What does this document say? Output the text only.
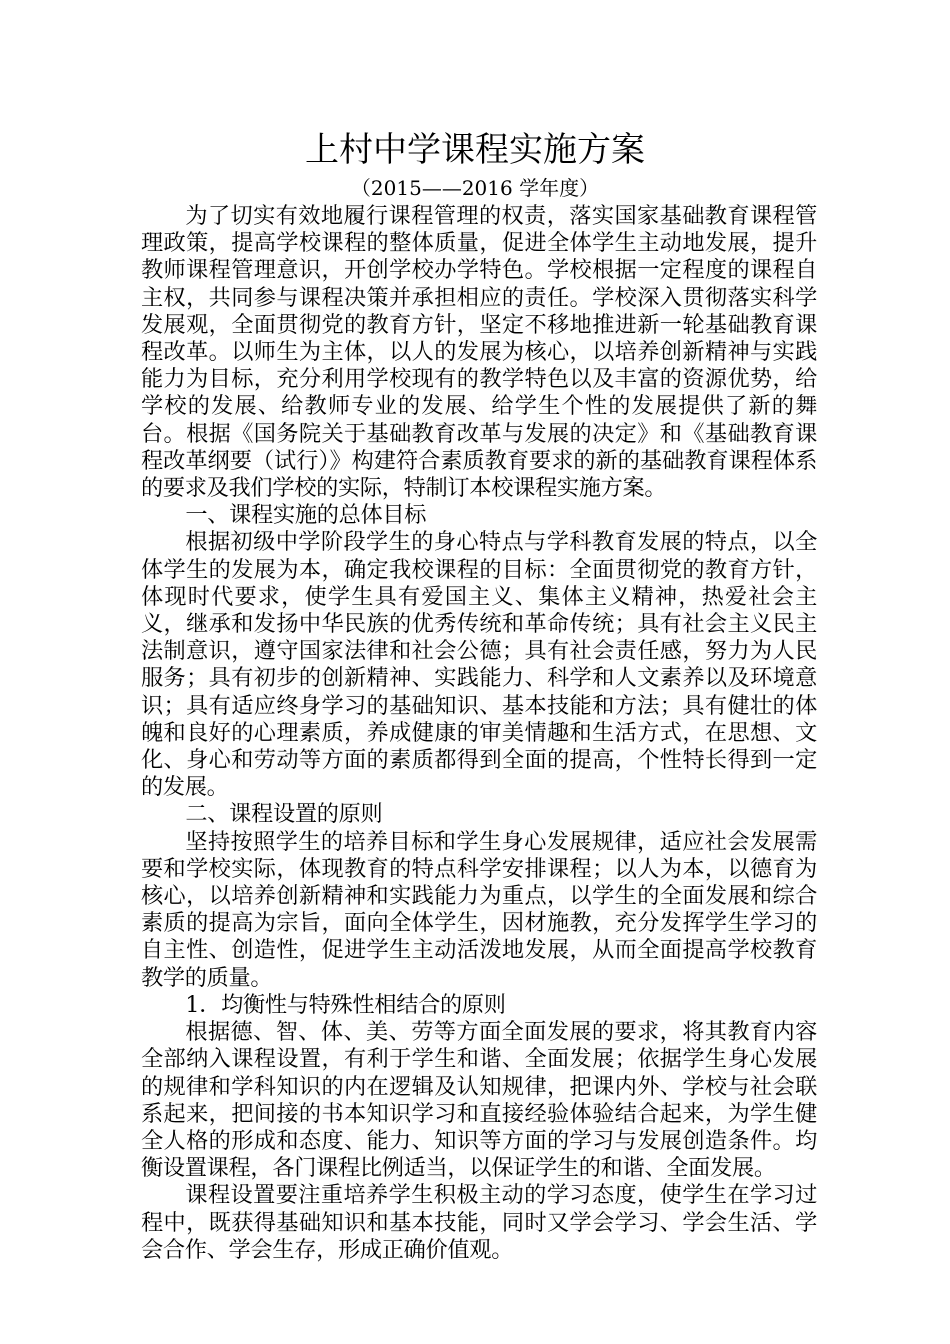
上村中学课程实施方案
（2015——2016 学年度）

为了切实有效地履行课程管理的权责，落实国家基础教育课程管理政策，提高学校课程的整体质量，促进全体学生主动地发展，提升教师课程管理意识，开创学校办学特色。学校根据一定程度的课程自主权，共同参与课程决策并承担相应的责任。学校深入贯彻落实科学发展观，全面贯彻党的教育方针，坚定不移地推进新一轮基础教育课程改革。以师生为主体，以人的发展为核心，以培养创新精神与实践能力为目标，充分利用学校现有的教学特色以及丰富的资源优势，给学校的发展、给教师专业的发展、给学生个性的发展提供了新的舞台。根据《国务院关于基础教育改革与发展的决定》和《基础教育课程改革纲要（试行）》构建符合素质教育要求的新的基础教育课程体系的要求及我们学校的实际，特制订本校课程实施方案。

一、课程实施的总体目标

根据初级中学阶段学生的身心特点与学科教育发展的特点，以全体学生的发展为本，确定我校课程的目标：全面贯彻党的教育方针，体现时代要求，使学生具有爱国主义、集体主义精神，热爱社会主义，继承和发扬中华民族的优秀传统和革命传统；具有社会主义民主法制意识，遵守国家法律和社会公德；具有社会责任感，努力为人民服务；具有初步的创新精神、实践能力、科学和人文素养以及环境意识；具有适应终身学习的基础知识、基本技能和方法；具有健壮的体魄和良好的心理素质，养成健康的审美情趣和生活方式，在思想、文化、身心和劳动等方面的素质都得到全面的提高，个性特长得到一定的发展。

二、课程设置的原则

坚持按照学生的培养目标和学生身心发展规律，适应社会发展需要和学校实际，体现教育的特点科学安排课程；以人为本，以德育为核心，以培养创新精神和实践能力为重点，以学生的全面发展和综合素质的提高为宗旨，面向全体学生，因材施教，充分发挥学生学习的自主性、创造性，促进学生主动活泼地发展，从而全面提高学校教育教学的质量。

1．均衡性与特殊性相结合的原则

根据德、智、体、美、劳等方面全面发展的要求，将其教育内容全部纳入课程设置，有利于学生和谐、全面发展；依据学生身心发展的规律和学科知识的内在逻辑及认知规律，把课内外、学校与社会联系起来，把间接的书本知识学习和直接经验体验结合起来，为学生健全人格的形成和态度、能力、知识等方面的学习与发展创造条件。均衡设置课程，各门课程比例适当，以保证学生的和谐、全面发展。

课程设置要注重培养学生积极主动的学习态度，使学生在学习过程中，既获得基础知识和基本技能，同时又学会学习、学会生活、学会合作、学会生存，形成正确价值观。
